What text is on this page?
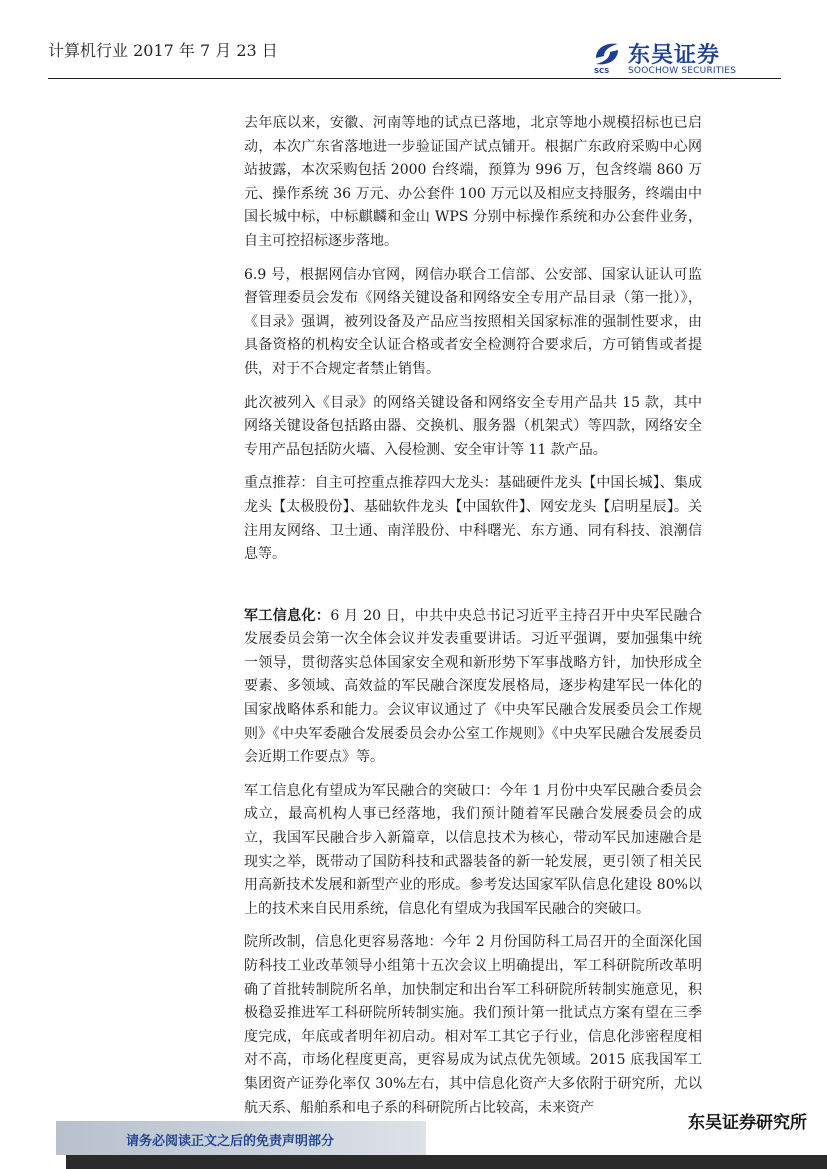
计算机行业 2017 年 7 月 23 日
SCS
东吴证券
SOOCHOW SECURITIES

去年底以来，安徽、河南等地的试点已落地，北京等地小规模招标也已启动，本次广东省落地进一步验证国产试点铺开。根据广东政府采购中心网站披露，本次采购包括 2000 台终端，预算为 996 万，包含终端 860 万元、操作系统 36 万元、办公套件 100 万元以及相应支持服务，终端由中国长城中标，中标麒麟和金山 WPS 分别中标操作系统和办公套件业务，自主可控招标逐步落地。

6.9 号，根据网信办官网，网信办联合工信部、公安部、国家认证认可监督管理委员会发布《网络关键设备和网络安全专用产品目录（第一批）》，《目录》强调，被列设备及产品应当按照相关国家标准的强制性要求，由具备资格的机构安全认证合格或者安全检测符合要求后，方可销售或者提供，对于不合规定者禁止销售。

此次被列入《目录》的网络关键设备和网络安全专用产品共 15 款，其中网络关键设备包括路由器、交换机、服务器（机架式）等四款，网络安全专用产品包括防火墙、入侵检测、安全审计等 11 款产品。

重点推荐：自主可控重点推荐四大龙头：基础硬件龙头【中国长城】、集成龙头【太极股份】、基础软件龙头【中国软件】、网安龙头【启明星辰】。关注用友网络、卫士通、南洋股份、中科曙光、东方通、同有科技、浪潮信息等。

军工信息化：6 月 20 日，中共中央总书记习近平主持召开中央军民融合发展委员会第一次全体会议并发表重要讲话。习近平强调，要加强集中统一领导，贯彻落实总体国家安全观和新形势下军事战略方针，加快形成全要素、多领域、高效益的军民融合深度发展格局，逐步构建军民一体化的国家战略体系和能力。会议审议通过了《中央军民融合发展委员会工作规则》《中央军委融合发展委员会办公室工作规则》《中央军民融合发展委员会近期工作要点》等。

军工信息化有望成为军民融合的突破口：今年 1 月份中央军民融合委员会成立，最高机构人事已经落地，我们预计随着军民融合发展委员会的成立，我国军民融合步入新篇章，以信息技术为核心，带动军民加速融合是现实之举，既带动了国防科技和武器装备的新一轮发展，更引领了相关民用高新技术发展和新型产业的形成。参考发达国家军队信息化建设 80%以上的技术来自民用系统，信息化有望成为我国军民融合的突破口。

院所改制，信息化更容易落地：今年 2 月份国防科工局召开的全面深化国防科技工业改革领导小组第十五次会议上明确提出，军工科研院所改革明确了首批转制院所名单，加快制定和出台军工科研院所转制实施意见，积极稳妥推进军工科研院所转制实施。我们预计第一批试点方案有望在三季度完成，年底或者明年初启动。相对军工其它子行业，信息化涉密程度相对不高，市场化程度更高，更容易成为试点优先领域。2015 底我国军工集团资产证券化率仅 30%左右，其中信息化资产大多依附于研究所，尤以航天系、船舶系和电子系的科研院所占比较高，未来资产

请务必阅读正文之后的免责声明部分
东吴证券研究所
